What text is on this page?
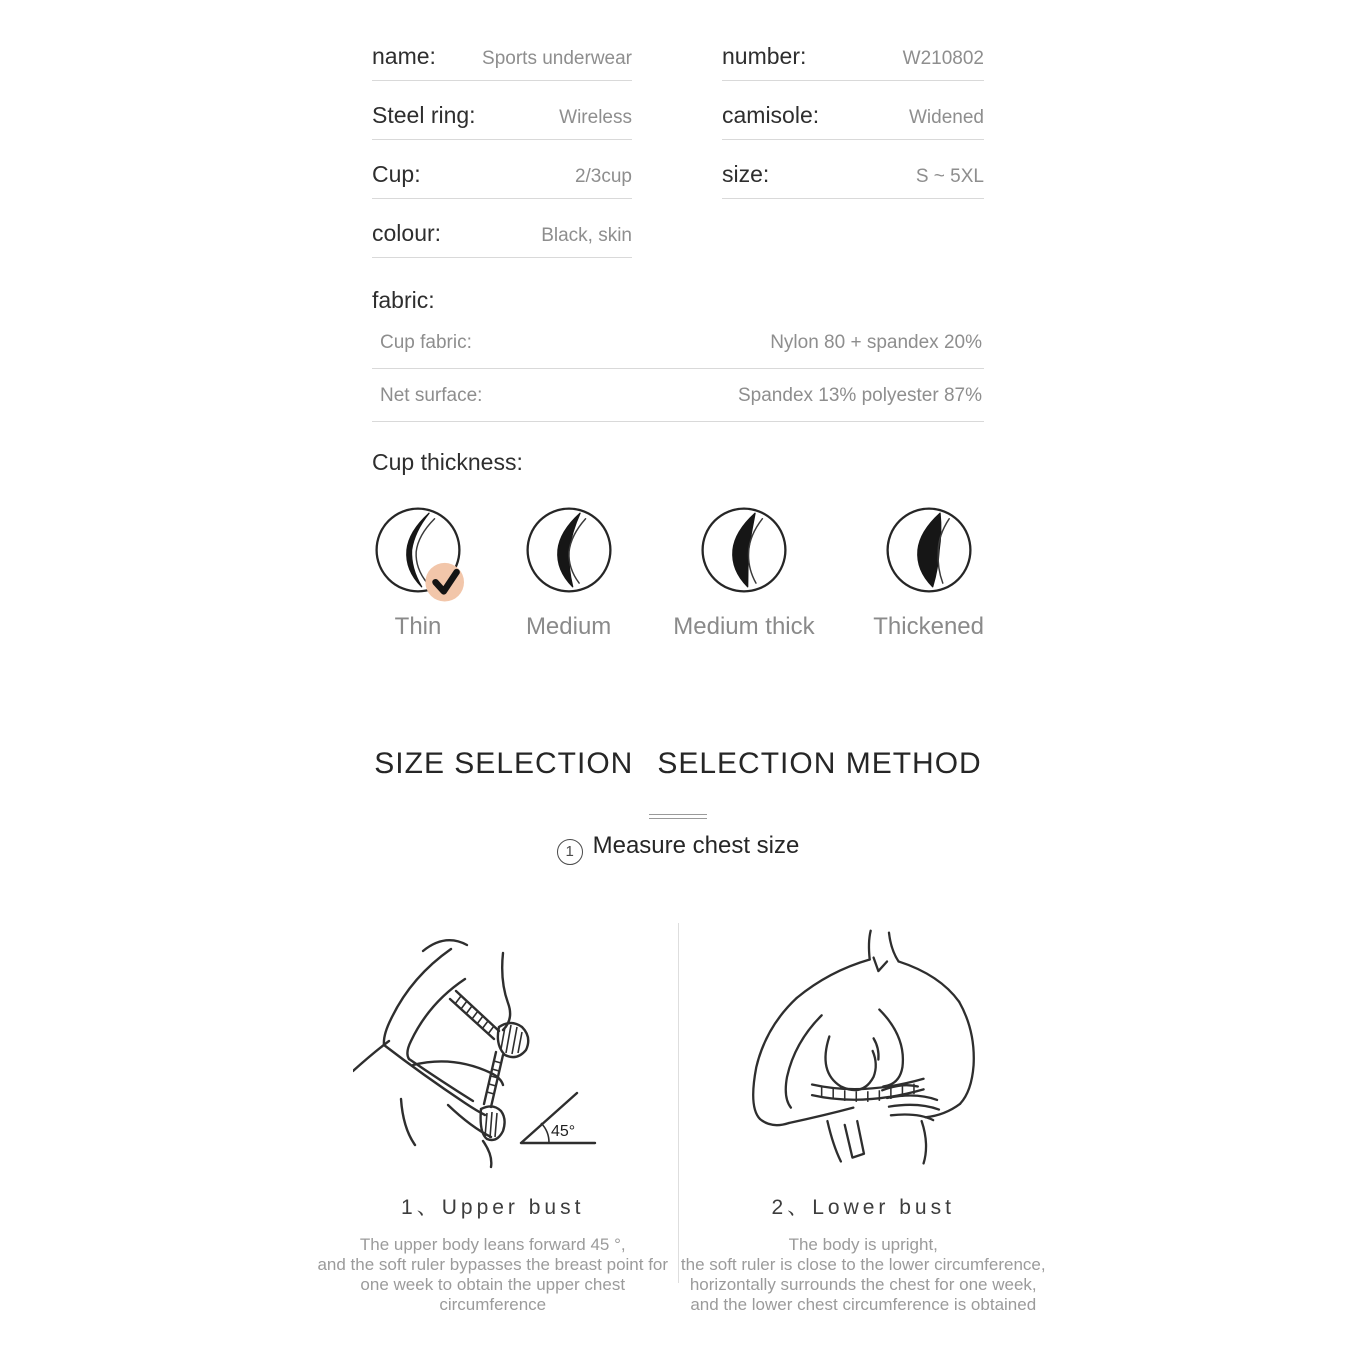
name: Sports underwear	number:	W210802
Steel ring:	Wireless	camisole:	Widened
Cup:	2/3cup	size:	S ~ 5XL
colour:	Black, skin
fabric:
Cup fabric:	Nylon 80 + spandex 20%
Net surface:	Spandex 13% polyester 87%
Cup thickness:
Thin	Medium	Medium thick Thickened
SIZE SELECTION SELECTION METHOD
1 Measure chest size
45°
1、Upper bust
The upper body leans forward 45 °,
and the soft ruler bypasses the breast point for
one week to obtain the upper chest circumference
2、Lower bust
The body is upright,
the soft ruler is close to the lower circumference,
horizontally surrounds the chest for one week,
and the lower chest circumference is obtained
